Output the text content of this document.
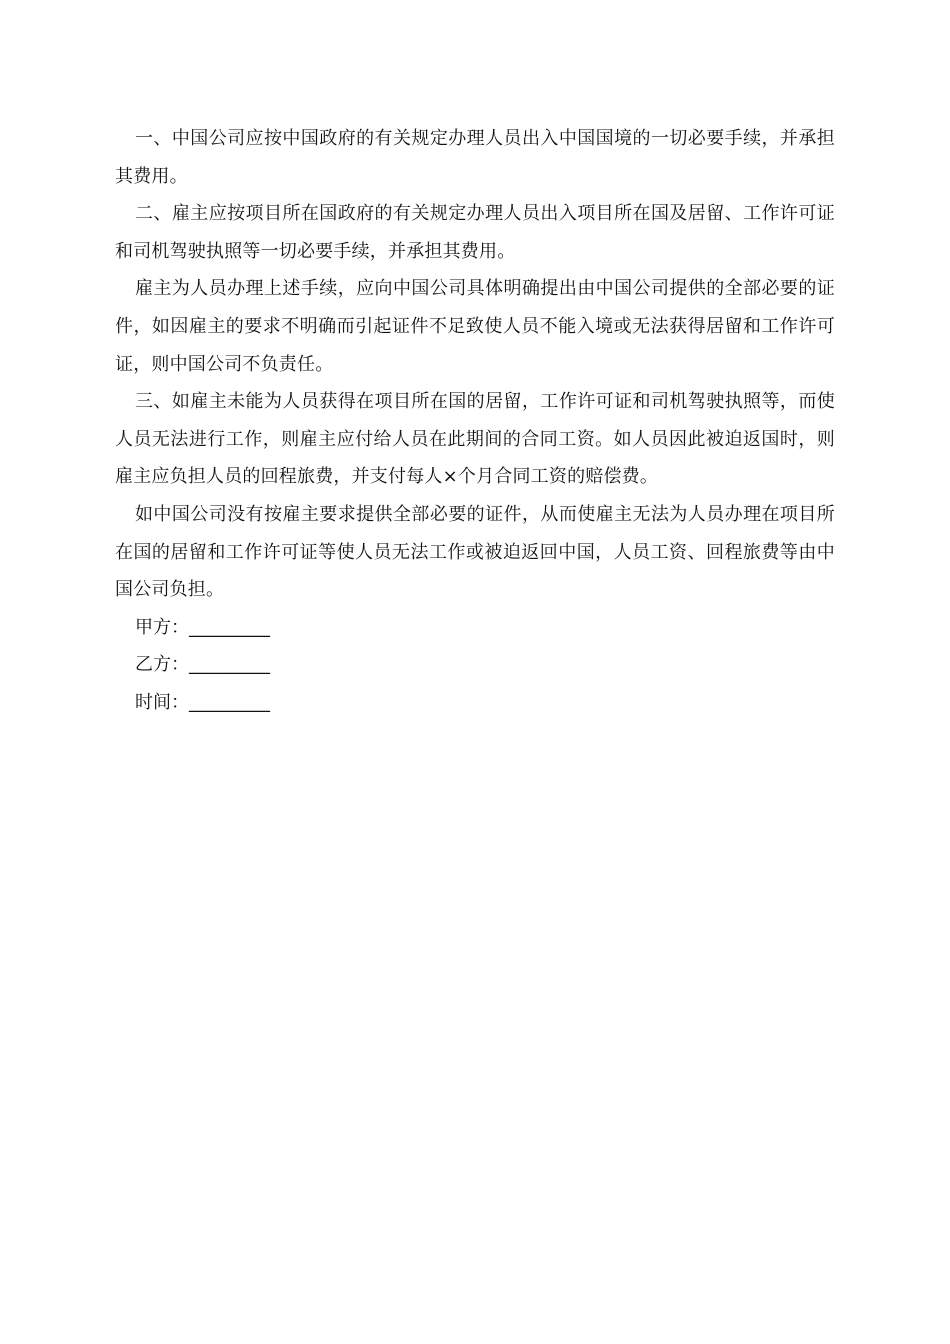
一、中国公司应按中国政府的有关规定办理人员出入中国国境的一切必要手续，并承担其费用。

二、雇主应按项目所在国政府的有关规定办理人员出入项目所在国及居留、工作许可证和司机驾驶执照等一切必要手续，并承担其费用。

雇主为人员办理上述手续，应向中国公司具体明确提出由中国公司提供的全部必要的证件，如因雇主的要求不明确而引起证件不足致使人员不能入境或无法获得居留和工作许可证，则中国公司不负责任。

三、如雇主未能为人员获得在项目所在国的居留，工作许可证和司机驾驶执照等，而使人员无法进行工作，则雇主应付给人员在此期间的合同工资。如人员因此被迫返国时，则雇主应负担人员的回程旅费，并支付每人×个月合同工资的赔偿费。

如中国公司没有按雇主要求提供全部必要的证件，从而使雇主无法为人员办理在项目所在国的居留和工作许可证等使人员无法工作或被迫返回中国，人员工资、回程旅费等由中国公司负担。

甲方：_________
乙方：_________
时间：_________
